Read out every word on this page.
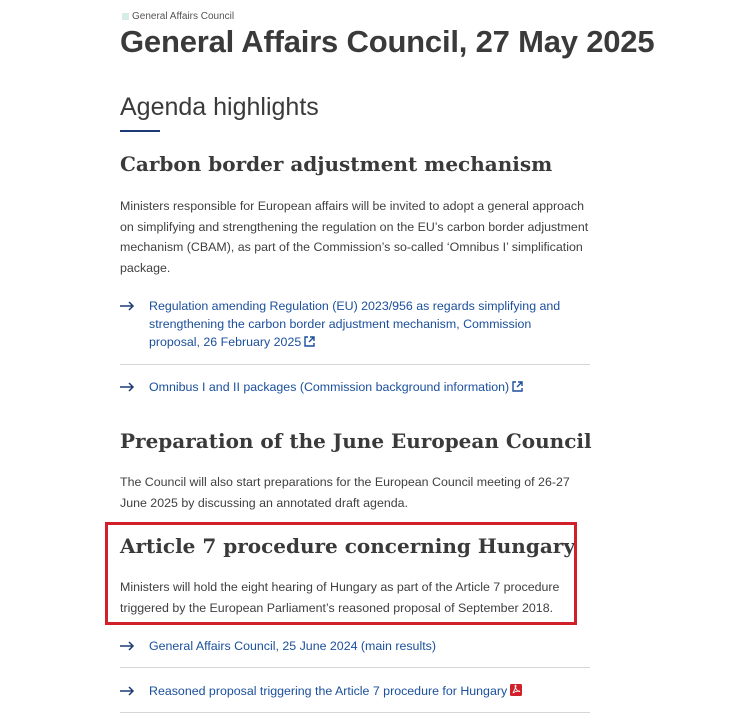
General Affairs Council
General Affairs Council, 27 May 2025
Agenda highlights
Carbon border adjustment mechanism

Ministers responsible for European affairs will be invited to adopt a general approach on simplifying and strengthening the regulation on the EU’s carbon border adjustment mechanism (CBAM), as part of the Commission’s so-called ‘Omnibus I’ simplification package.

Regulation amending Regulation (EU) 2023/956 as regards simplifying and strengthening the carbon border adjustment mechanism, Commission proposal, 26 February 2025
Omnibus I and II packages (Commission background information)
Preparation of the June European Council

The Council will also start preparations for the European Council meeting of 26-27 June 2025 by discussing an annotated draft agenda.

Article 7 procedure concerning Hungary

Ministers will hold the eight hearing of Hungary as part of the Article 7 procedure triggered by the European Parliament’s reasoned proposal of September 2018.

General Affairs Council, 25 June 2024 (main results)
Reasoned proposal triggering the Article 7 procedure for Hungary
